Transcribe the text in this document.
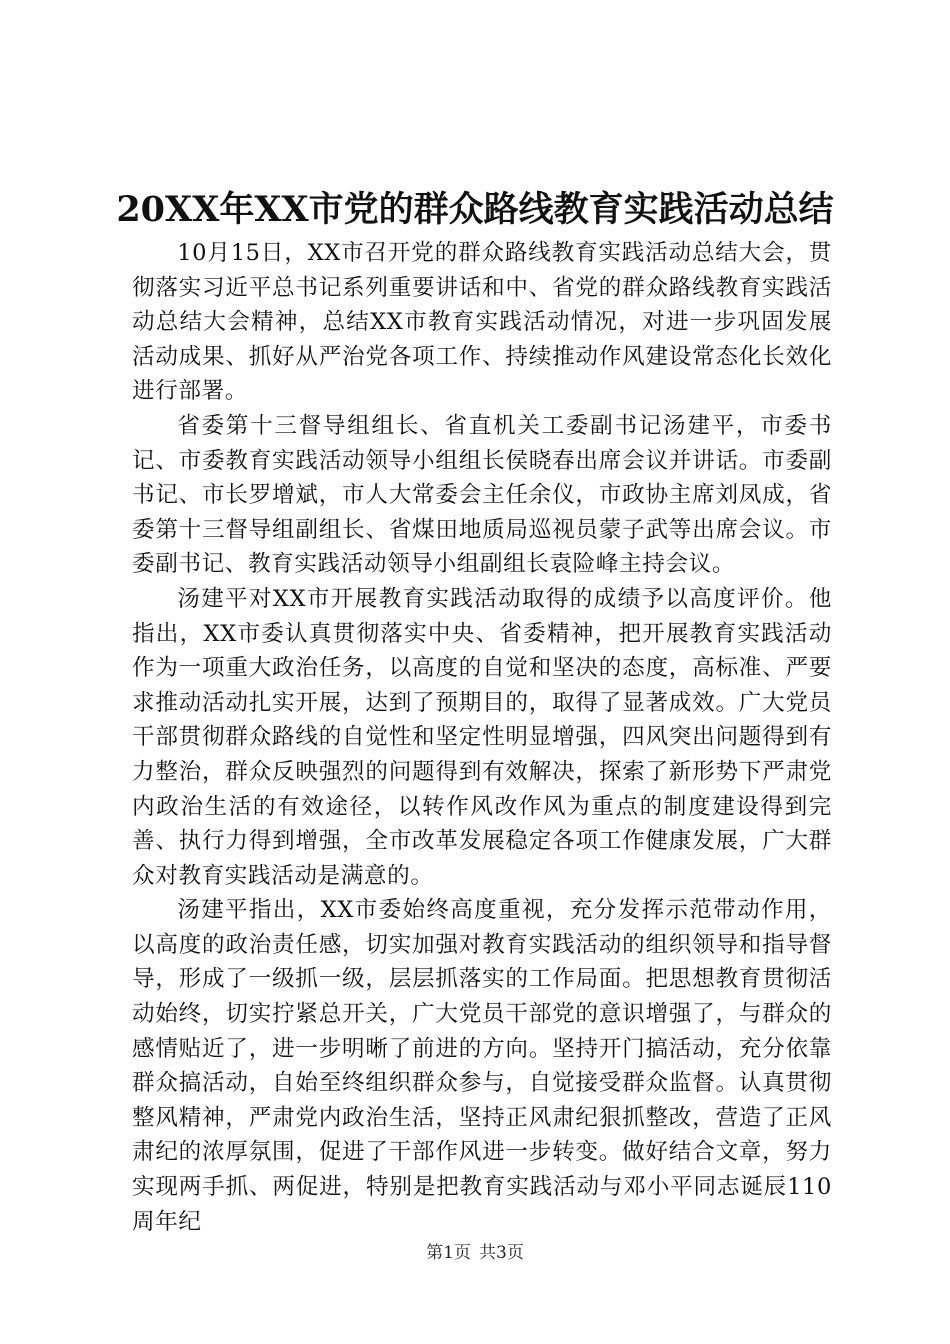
20XX年XX市党的群众路线教育实践活动总结

10月15日，XX市召开党的群众路线教育实践活动总结大会，贯彻落实习近平总书记系列重要讲话和中、省党的群众路线教育实践活动总结大会精神，总结XX市教育实践活动情况，对进一步巩固发展活动成果、抓好从严治党各项工作、持续推动作风建设常态化长效化进行部署。

省委第十三督导组组长、省直机关工委副书记汤建平，市委书记、市委教育实践活动领导小组组长侯晓春出席会议并讲话。市委副书记、市长罗增斌，市人大常委会主任余仪，市政协主席刘凤成，省委第十三督导组副组长、省煤田地质局巡视员蒙子武等出席会议。市委副书记、教育实践活动领导小组副组长袁险峰主持会议。

汤建平对XX市开展教育实践活动取得的成绩予以高度评价。他指出，XX市委认真贯彻落实中央、省委精神，把开展教育实践活动作为一项重大政治任务，以高度的自觉和坚决的态度，高标准、严要求推动活动扎实开展，达到了预期目的，取得了显著成效。广大党员干部贯彻群众路线的自觉性和坚定性明显增强，四风突出问题得到有力整治，群众反映强烈的问题得到有效解决，探索了新形势下严肃党内政治生活的有效途径，以转作风改作风为重点的制度建设得到完善、执行力得到增强，全市改革发展稳定各项工作健康发展，广大群众对教育实践活动是满意的。

汤建平指出，XX市委始终高度重视，充分发挥示范带动作用，以高度的政治责任感，切实加强对教育实践活动的组织领导和指导督导，形成了一级抓一级，层层抓落实的工作局面。把思想教育贯彻活动始终，切实拧紧总开关，广大党员干部党的意识增强了，与群众的感情贴近了，进一步明晰了前进的方向。坚持开门搞活动，充分依靠群众搞活动，自始至终组织群众参与，自觉接受群众监督。认真贯彻整风精神，严肃党内政治生活，坚持正风肃纪狠抓整改，营造了正风肃纪的浓厚氛围，促进了干部作风进一步转变。做好结合文章，努力实现两手抓、两促进，特别是把教育实践活动与邓小平同志诞辰110周年纪

第1页 共3页
